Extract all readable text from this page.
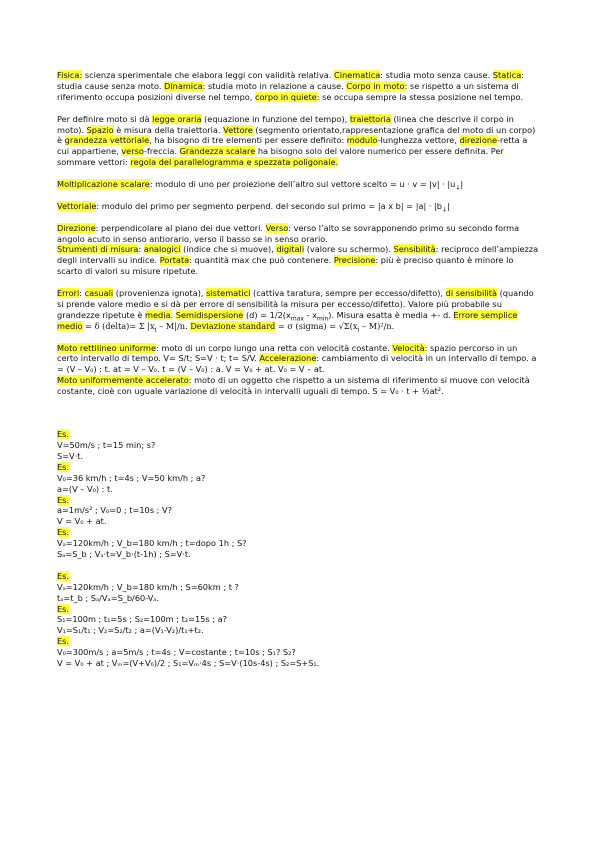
Fisica: scienza sperimentale che elabora leggi con validità relativa. Cinematica: studia moto senza cause. Statica: studia cause senza moto. Dinamica: studia moto in relazione a cause. Corpo in moto: se rispetto a un sistema di riferimento occupa posizioni diverse nel tempo, corpo in quiete: se occupa sempre la stessa posizione nel tempo.

Per definire moto si dà legge oraria (equazione in funzione del tempo), traiettoria (linea che descrive il corpo in moto). Spazio è misura della traiettoria. Vettore (segmento orientato,rappresentazione grafica del moto di un corpo) è grandezza vettoriale, ha bisogno di tre elementi per essere definito: modulo-lunghezza vettore, direzione-retta a cui appartiene, verso-freccia. Grandezza scalare ha bisogno solo del valore numerico per essere definita. Per sommare vettori: regola del parallelogramma e spezzata poligonale.

Moltiplicazione scalare: modulo di uno per proiezione dell’altro sul vettore scelto = $u \cdot v = |v| \cdot |u_↓|$

Vettoriale: modulo del primo per segmento perpend. del secondo sul primo = |a x $b| = |a| \cdot |b_↓|$

Direzione: perpendicolare al piano dei due vettori. Verso: verso l’alto se sovrapponendo primo su secondo forma angolo acuto in senso antiorario, verso il basso se in senso orario.

Strumenti di misura: analogici (indice che si muove), digitali (valore su schermo). Sensibilità: reciproco dell’ampiezza degli intervalli su indice. Portata: quantità max che può contenere. Precisione: più è preciso quanto è minore lo scarto di valori su misure ripetute.

Errori: casuali (provenienza ignota), sistematici (cattiva taratura, sempre per eccesso/difetto), di sensibilità (quando si prende valore medio e si dà per errore di sensibilità la misura per eccesso/difetto). Valore più probabile su grandezze ripetute è media. Semidispersione $(d) = 1/2(x_{max} - x_{min})$. Misura esatta è media +- d. Errore semplice medio = δ (delta)= Σ $|x_i - M|/n$. Deviazione standard = σ (sigma) = $√\Sigma(x_i - M)^2/n$.

Moto rettilineo uniforme: moto di un corpo lungo una retta con velocità costante. Velocità: spazio percorso in un certo intervallo di tempo. V= S/t; S=V · t; t= S/V. Accelerazione: cambiamento di velocità in un intervallo di tempo. a = (V – V₀) : t. at = V – V₀. t = (V – V₀) : a. V = V₀ + at. V₀ = V – at.

Moto uniformemente accelerato: moto di un oggetto che rispetto a un sistema di riferimento si muove con velocità costante, cioè con uguale variazione di velocità in intervalli uguali di tempo. S = V₀ · t + ½at².

Es.
V=50m/s ; t=15 min; s?
S=V·t.
Es.
V₀=36 km/h ; t=4s ; V=50 km/h ; a?
a=(V – V₀) : t.
Es.
a=1m/s² ; V₀=0 ; t=10s ; V?
V = V₀ + at.
Es.
Vₐ=120km/h ; V_b=180 km/h ; t=dopo 1h ; S?
Sₐ=S_b ; Vₐ·t=V_b·(t-1h) ; S=V·t.
Es.
Vₐ=120km/h ; V_b=180 km/h ; S=60km ; t ?
tₐ=t_b ; Sₐ/Vₐ=S_b/60-Vₐ.
Es.
S₁=100m ; t₁=5s ; S₂=100m ; t₂=15s ; a?
V₁=S₁/t₁ ; V₂=S₂/t₂ ; a=(V₁-V₂)/t₁+t₂.
Es.
V₀=300m/s ; a=5m/s ; t=4s ; V=costante ; t=10s ; S₁? S₂?
V = V₀ + at ; Vₘ=(V+V₀)/2 ; S₁=Vₘ·4s ; S=V·(10s-4s) ; S₂=S+S₁.
